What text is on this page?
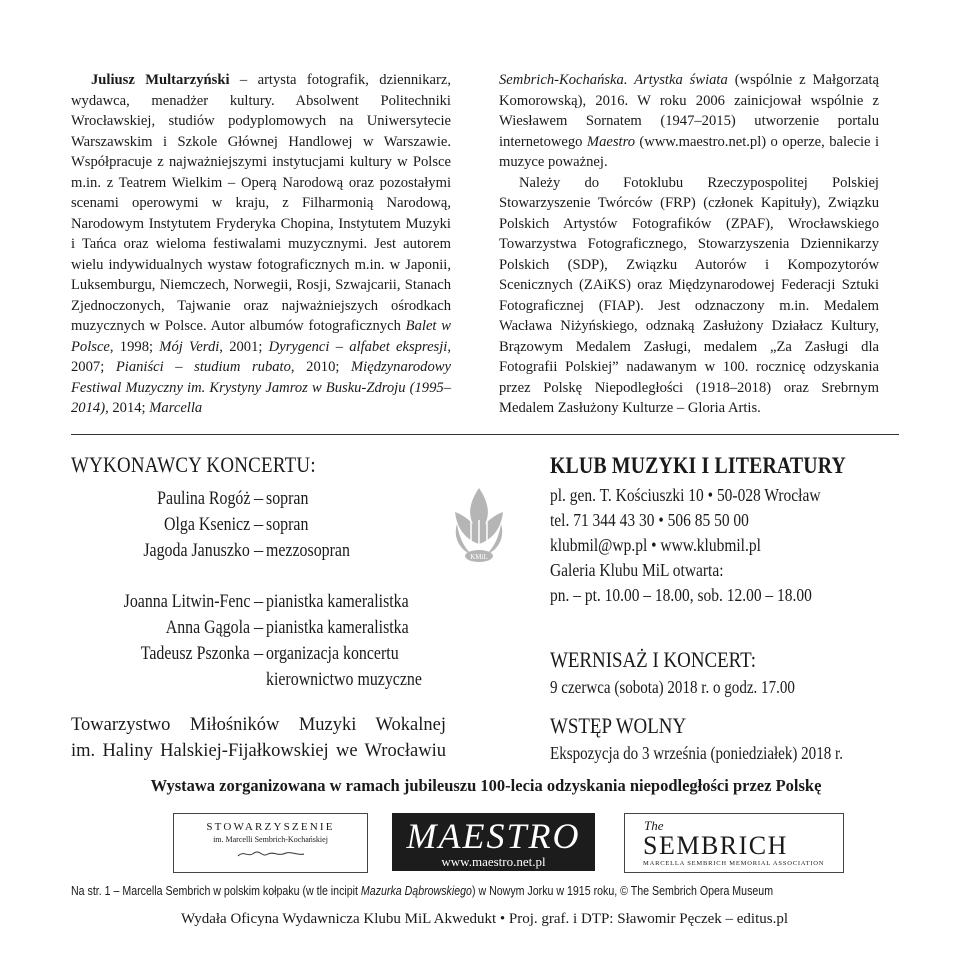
Juliusz Multarzyński – artysta fotografik, dziennikarz, wydawca, menadżer kultury. Absolwent Politechniki Wrocławskiej, studiów podyplomowych na Uniwersytecie Warszawskim i Szkole Głównej Handlowej w Warszawie. Współpracuje z najważniejszymi instytucjami kultury w Polsce m.in. z Teatrem Wielkim – Operą Narodową oraz pozostałymi scenami operowymi w kraju, z Filharmonią Narodową, Narodowym Instytutem Fryderyka Chopina, Instytutem Muzyki i Tańca oraz wieloma festiwalami muzycznymi. Jest autorem wielu indywidualnych wystaw fotograficznych m.in. w Japonii, Luksemburgu, Niemczech, Norwegii, Rosji, Szwajcarii, Stanach Zjednoczonych, Tajwanie oraz najważniejszych ośrodkach muzycznych w Polsce. Autor albumów fotograficznych Balet w Polsce, 1998; Mój Verdi, 2001; Dyrygenci – alfabet ekspresji, 2007; Pianiści – studium rubato, 2010; Międzynarodowy Festiwal Muzyczny im. Krystyny Jamroz w Busku-Zdroju (1995–2014), 2014; Marcella

Sembrich-Kochańska. Artystka świata (wspólnie z Małgorzatą Komorowską), 2016. W roku 2006 zainicjował wspólnie z Wiesławem Sornatem (1947–2015) utworzenie portalu internetowego Maestro (www.maestro.net.pl) o operze, balecie i muzyce poważnej.

Należy do Fotoklubu Rzeczypospolitej Polskiej Stowarzyszenie Twórców (FRP) (członek Kapituły), Związku Polskich Artystów Fotografików (ZPAF), Wrocławskiego Towarzystwa Fotograficznego, Stowarzyszenia Dziennikarzy Polskich (SDP), Związku Autorów i Kompozytorów Scenicznych (ZAiKS) oraz Międzynarodowej Federacji Sztuki Fotograficznej (FIAP). Jest odznaczony m.in. Medalem Wacława Niżyńskiego, odznaką Zasłużony Działacz Kultury, Brązowym Medalem Zasługi, medalem „Za Zasługi dla Fotografii Polskiej” nadawanym w 100. rocznicę odzyskania przez Polskę Niepodległości (1918–2018) oraz Srebrnym Medalem Zasłużony Kulturze – Gloria Artis.

WYKONAWCY KONCERTU:
Paulina Rogóż – sopran
Olga Ksenicz – sopran
Jagoda Januszko – mezzosopran
Joanna Litwin-Fenc – pianistka kameralistka
Anna Gągola – pianistka kameralistka
Tadeusz Pszonka – organizacja koncertu
kierownictwo muzyczne
Towarzystwo Miłośników Muzyki Wokalnej
im. Haliny Halskiej-Fijałkowskiej we Wrocławiu
KMiL
KLUB MUZYKI I LITERATURY
pl. gen. T. Kościuszki 10 • 50-028 Wrocław
tel. 71 344 43 30 • 506 85 50 00
klubmil@wp.pl • www.klubmil.pl
Galeria Klubu MiL otwarta:
pn. – pt. 10.00 – 18.00, sob. 12.00 – 18.00
WERNISAŻ I KONCERT:
9 czerwca (sobota) 2018 r. o godz. 17.00
WSTĘP WOLNY
Ekspozycja do 3 września (poniedziałek) 2018 r.
Wystawa zorganizowana w ramach jubileuszu 100-lecia odzyskania niepodległości przez Polskę
STOWARZYSZENIE
im. Marcelli Sembrich-Kochańskiej	MAESTRO
www.maestro.net.pl
The
SEMBRICH
MARCELLA SEMBRICH MEMORIAL ASSOCIATION
Na str. 1 – Marcella Sembrich w polskim kołpaku (w tle incipit Mazurka Dąbrowskiego) w Nowym Jorku w 1915 roku, © The Sembrich Opera Museum
Wydała Oficyna Wydawnicza Klubu MiL Akwedukt • Proj. graf. i DTP: Sławomir Pęczek – editus.pl
